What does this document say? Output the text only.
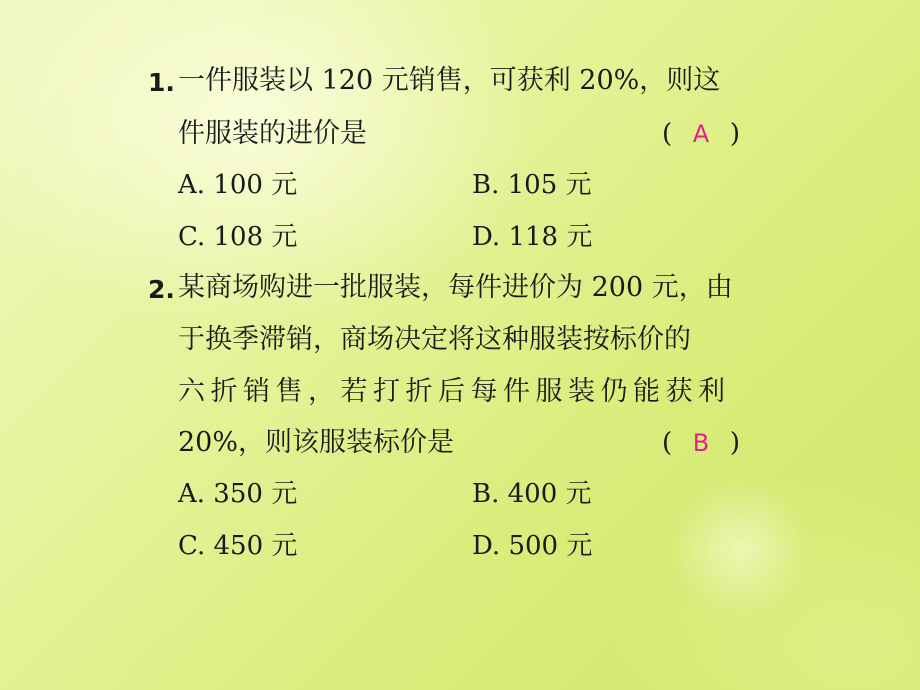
1. 一件服装以 120 元销售，可获利 20%，则这
件服装的进价是	( A )
A. 100 元	B. 105 元
C. 108 元	D. 118 元
2. 某商场购进一批服装，每件进价为 200 元，由
于换季滞销，商场决定将这种服装按标价的
六折销售，若打折后每件服装仍能获利
20%，则该服装标价是	( B )
A. 350 元	B. 400 元
C. 450 元	D. 500 元
